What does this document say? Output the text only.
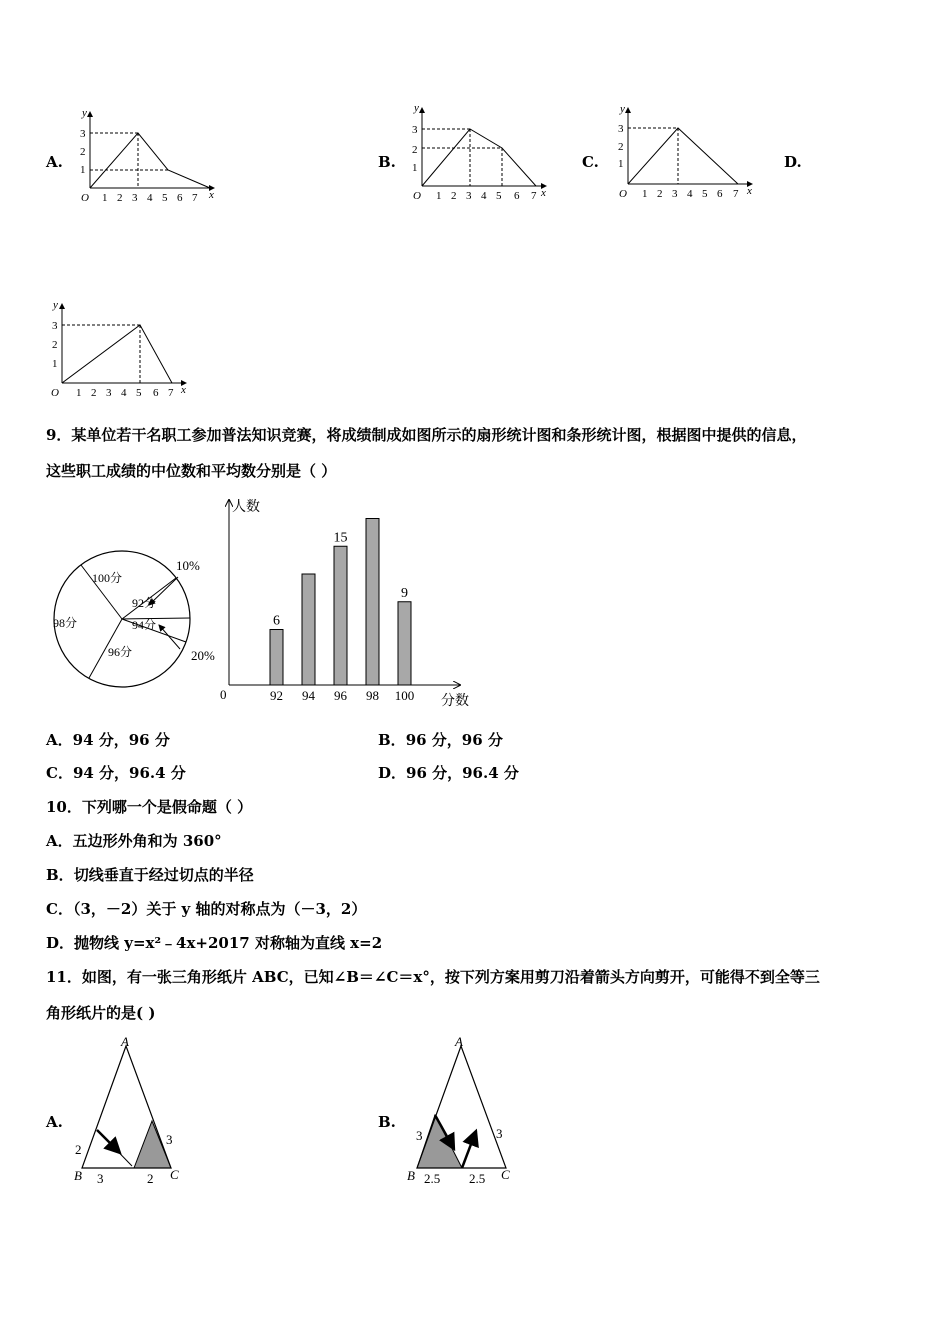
A.
y
x
O
3
2
1
1 2 3 4 5 6 7
B.
y
x
O
3
2
1
1 2 3 4 5 6 7
C.
y
x
O
3
2
1
1 2 3 4 5 6 7
D.
y
x
O
3
2
1
1 2 3 4 5 6 7
9．某单位若干名职工参加普法知识竞赛，将成绩制成如图所示的扇形统计图和条形统计图，根据图中提供的信息，
这些职工成绩的中位数和平均数分别是（ ）
100分
92分
94分
96分
98分
10%
20%
人数
分数
0	92
6
94 96
15
98 100
9
A．94 分，96 分	B．96 分，96 分
C．94 分，96.4 分	D．96 分，96.4 分
10．下列哪一个是假命题（ ）
A．五边形外角和为 360°
B．切线垂直于经过切点的半径
C．（3，－2）关于 y 轴的对称点为（－3，2）
D．抛物线 y=x²﹣4x+2017 对称轴为直线 x=2
11．如图，有一张三角形纸片 ABC，已知∠B＝∠C＝x°，按下列方案用剪刀沿着箭头方向剪开，可能得不到全等三
角形纸片的是( )
A.
A
B	C
2
3
3	2
B.
A
B	C
3	3
2.5 2.5
